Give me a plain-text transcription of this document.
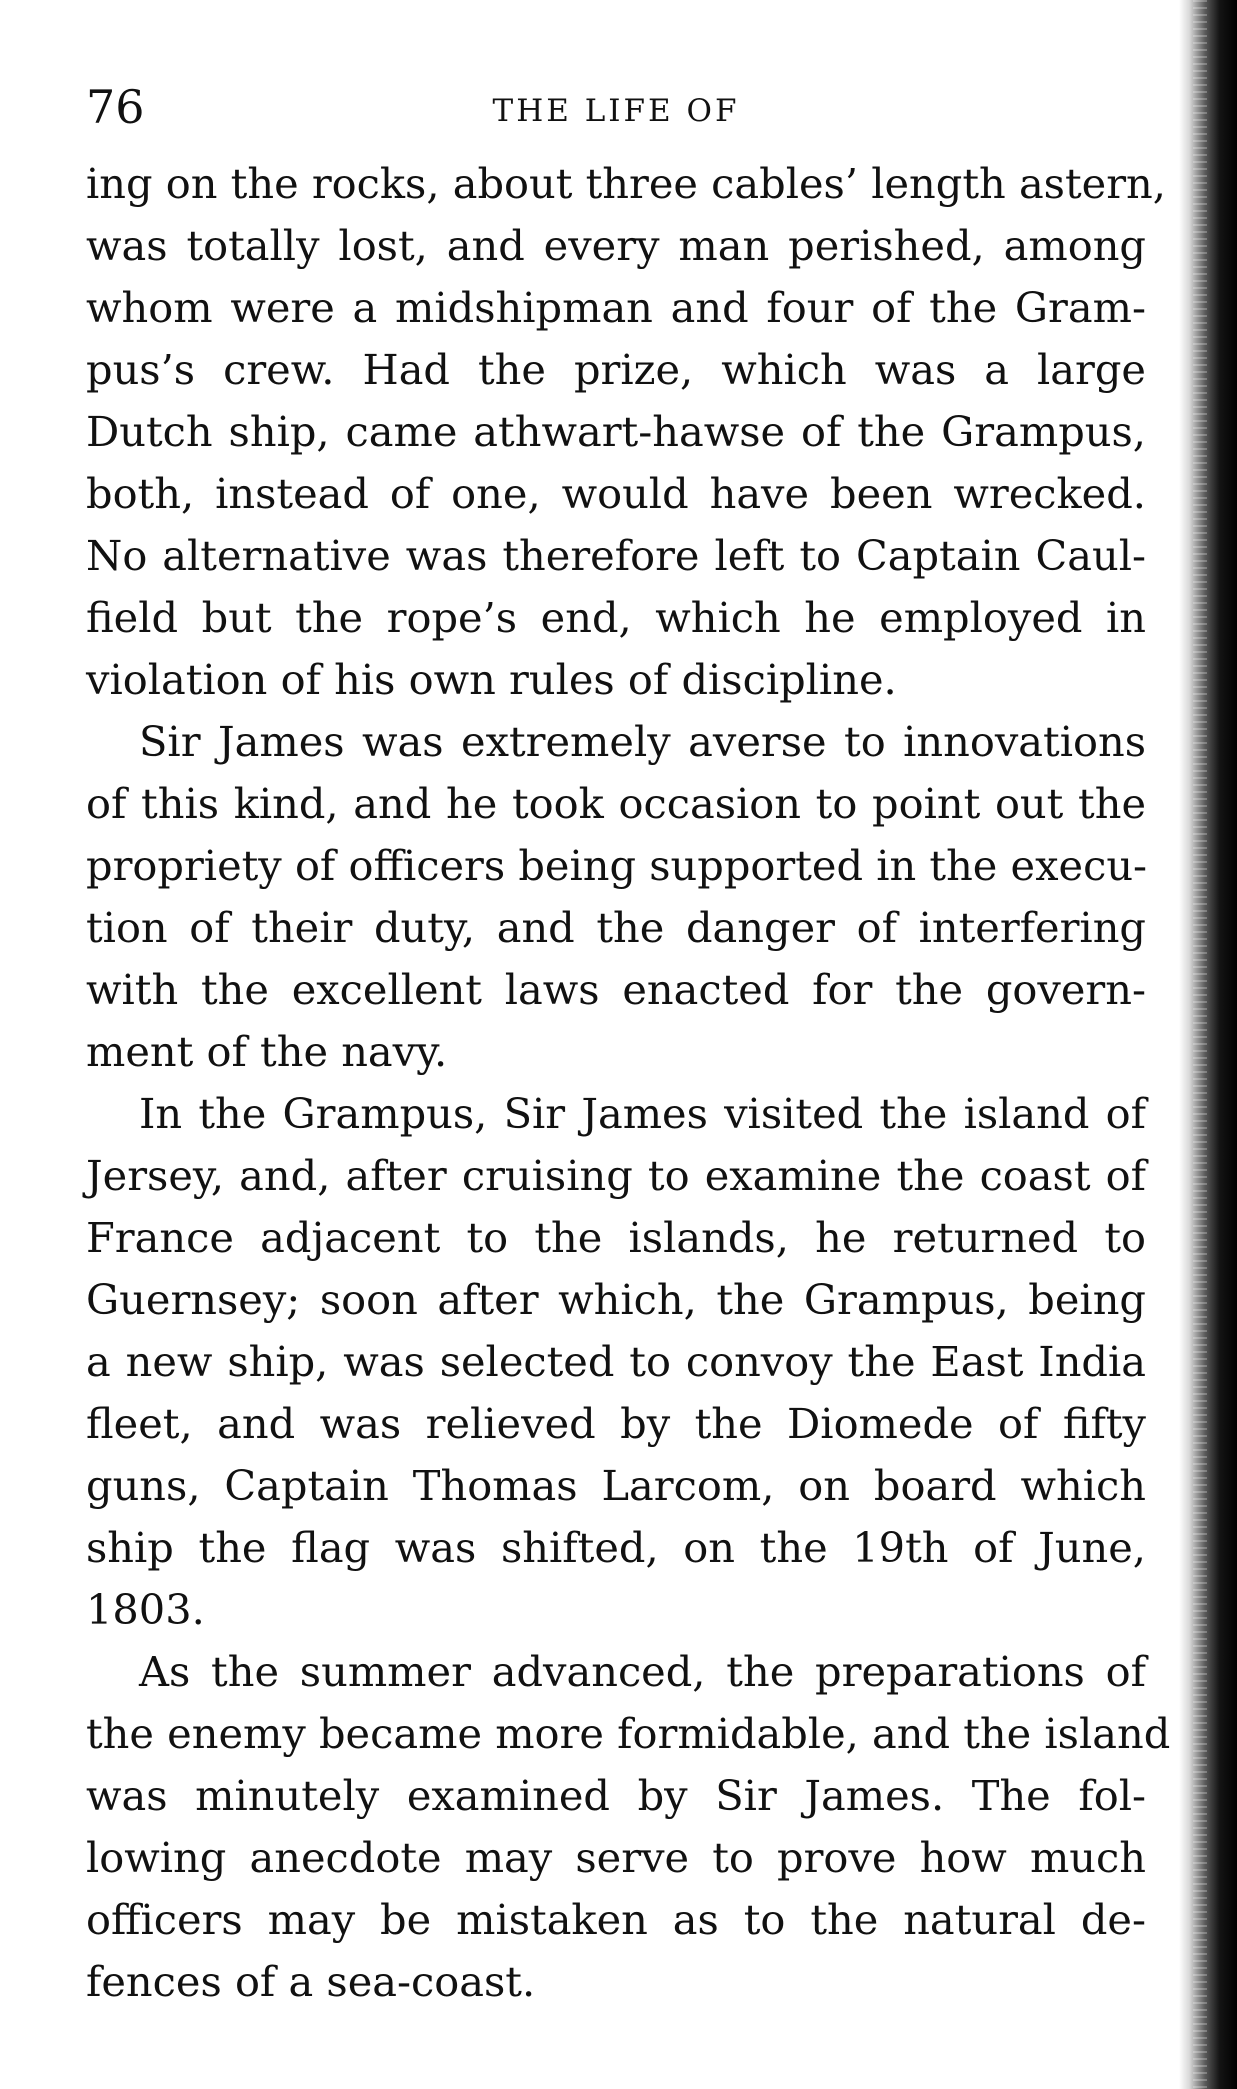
76	THE LIFE OF
ing on the rocks, about three cables’ length astern,
was totally lost, and every man perished, among
whom were a midshipman and four of the Gram-
pus’s crew. Had the prize, which was a large
Dutch ship, came athwart-hawse of the Grampus,
both, instead of one, would have been wrecked.
No alternative was therefore left to Captain Caul-
field but the rope’s end, which he employed in
violation of his own rules of discipline.
Sir James was extremely averse to innovations
of this kind, and he took occasion to point out the
propriety of officers being supported in the execu-
tion of their duty, and the danger of interfering
with the excellent laws enacted for the govern-
ment of the navy.
In the Grampus, Sir James visited the island of
Jersey, and, after cruising to examine the coast of
France adjacent to the islands, he returned to
Guernsey; soon after which, the Grampus, being
a new ship, was selected to convoy the East India
fleet, and was relieved by the Diomede of fifty
guns, Captain Thomas Larcom, on board which
ship the flag was shifted, on the 19th of June,
1803.
As the summer advanced, the preparations of
the enemy became more formidable, and the island
was minutely examined by Sir James. The fol-
lowing anecdote may serve to prove how much
officers may be mistaken as to the natural de-
fences of a sea-coast.
